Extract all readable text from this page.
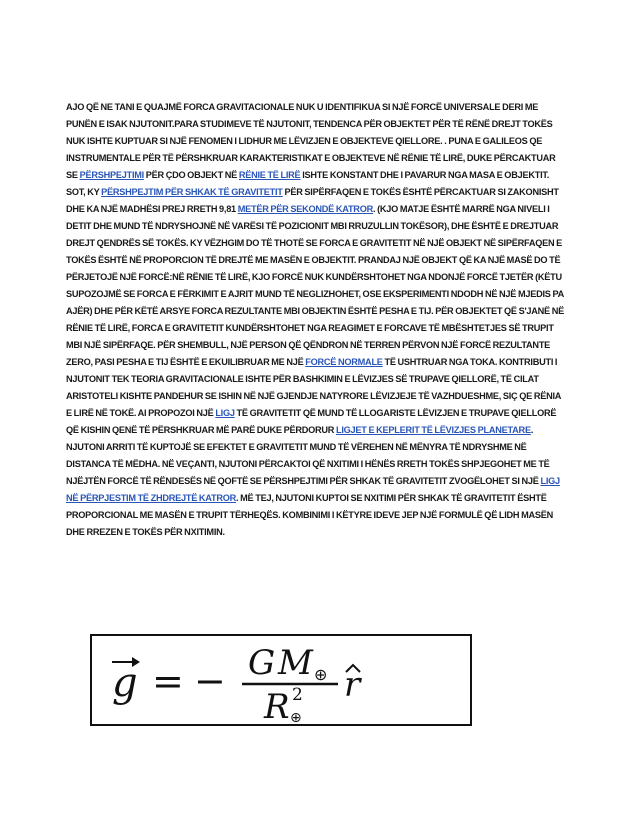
AJO QË NE TANI E QUAJMË FORCA GRAVITACIONALE NUK U IDENTIFIKUA SI NJË FORCË UNIVERSALE DERI ME PUNËN E ISAK NJUTONIT.PARA STUDIMEVE TË NJUTONIT, TENDENCA PËR OBJEKTET PËR TË RËNË DREJT TOKËS NUK ISHTE KUPTUAR SI NJË FENOMEN I LIDHUR ME LËVIZJEN E OBJEKTEVE QIELLORE. . PUNA E GALILEOS QE INSTRUMENTALE PËR TË PËRSHKRUAR KARAKTERISTIKAT E OBJEKTEVE NË RËNIE TË LIRË, DUKE PËRCAKTUAR SE PËRSHPEJTIMI PËR ÇDO OBJEKT NË RËNIE TË LIRË ISHTE KONSTANT DHE I PAVARUR NGA MASA E OBJEKTIT. SOT, KY PËRSHPEJTIM PËR SHKAK TË GRAVITETIT PËR SIPËRFAQEN E TOKËS ËSHTË PËRCAKTUAR SI ZAKONISHT DHE KA NJË MADHËSI PREJ RRETH 9,81 METËR PËR SEKONDË KATROR. (KJO MATJE ËSHTË MARRË NGA NIVELI I DETIT DHE MUND TË NDRYSHOJNË NË VARËSI TË POZICIONIT MBI RRUZULLIN TOKËSOR), DHE ËSHTË E DREJTUAR DREJT QENDRËS SË TOKËS. KY VËZHGIM DO TË THOTË SE FORCA E GRAVITETIT NË NJË OBJEKT NË SIPËRFAQEN E TOKËS ËSHTË NË PROPORCION TË DREJTË ME MASËN E OBJEKTIT. PRANDAJ NJË OBJEKT QË KA NJË MASË DO TË PËRJETOJË NJË FORCË:NË RËNIE TË LIRË, KJO FORCË NUK KUNDËRSHTOHET NGA NDONJË FORCË TJETËR (KËTU SUPOZOJMË SE FORCA E FËRKIMIT E AJRIT MUND TË NEGLIZHOHET, OSE EKSPERIMENTI NDODH NË NJË MJEDIS PA AJËR) DHE PËR KËTË ARSYE FORCA REZULTANTE MBI OBJEKTIN ËSHTË PESHA E TIJ. PËR OBJEKTET QË S'JANË NË RËNIE TË LIRË, FORCA E GRAVITETIT KUNDËRSHTOHET NGA REAGIMET E FORCAVE TË MBËSHTETJES SË TRUPIT MBI NJË SIPËRFAQE. PËR SHEMBULL, NJË PERSON QË QËNDRON NË TERREN PËRVON NJË FORCË REZULTANTE ZERO, PASI PESHA E TIJ ËSHTË E EKUILIBRUAR ME NJË FORCË NORMALE TË USHTRUAR NGA TOKA. KONTRIBUTI I NJUTONIT TEK TEORIA GRAVITACIONALE ISHTE PËR BASHKIMIN E LËVIZJES SË TRUPAVE QIELLORË, TË CILAT ARISTOTELI KISHTE PANDEHUR SE ISHIN NË NJË GJENDJE NATYRORE LËVIZJEJE TË VAZHDUESHME, SIÇ QE RËNIA E LIRË NË TOKË. AI PROPOZOI NJË LIGJ TË GRAVITETIT QË MUND TË LLOGARISTE LËVIZJEN E TRUPAVE QIELLORË QË KISHIN QENË TË PËRSHKRUAR MË PARË DUKE PËRDORUR LIGJET E KEPLERIT TË LËVIZJES PLANETARE. NJUTONI ARRITI TË KUPTOJË SE EFEKTET E GRAVITETIT MUND TË VËREHEN NË MËNYRA TË NDRYSHME NË DISTANCA TË MËDHA. NË VEÇANTI, NJUTONI PËRCAKTOI QË NXITIMI I HËNËS RRETH TOKËS SHPJEGOHET ME TË NJËJTËN FORCË TË RËNDESËS NË QOFTË SE PËRSHPEJTIMI PËR SHKAK TË GRAVITETIT ZVOGËLOHET SI NJË LIGJ NË PËRPJESTIM TË ZHDREJTË KATROR. MË TEJ, NJUTONI KUPTOI SE NXITIMI PËR SHKAK TË GRAVITETIT ËSHTË PROPORCIONAL ME MASËN E TRUPIT TËRHEQËS. KOMBINIMI I KËTYRE IDEVE JEP NJË FORMULË QË LIDH MASËN DHE RREZEN E TOKËS PËR NXITIMIN.

g = − G M ⊕
R 2
⊕
r
